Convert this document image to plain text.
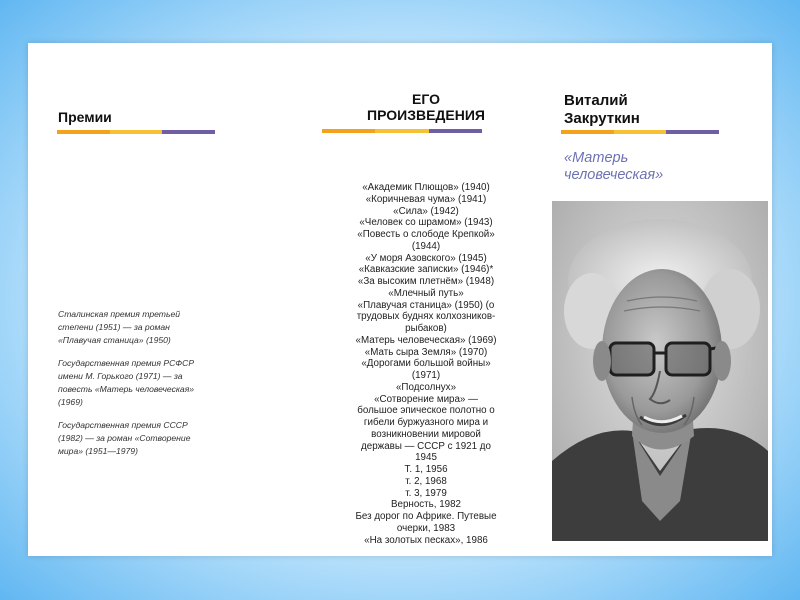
Премии

Сталинская премия третьей
степени (1951) — за роман
«Плавучая станица» (1950)

Государственная премия РСФСР
имени М. Горького (1971) — за
повесть «Матерь человеческая»
(1969)

Государственная премия СССР
(1982) — за роман «Сотворение
мира» (1951—1979)

ЕГО
ПРОИЗВЕДЕНИЯ
«Академик Плющов» (1940)
«Коричневая чума» (1941)
«Сила» (1942)
«Человек со шрамом» (1943)
«Повесть о слободе Крепкой»
(1944)
«У моря Азовского» (1945)
«Кавказские записки» (1946)*
«За высоким плетнём» (1948)
«Млечный путь»
«Плавучая станица» (1950) (о
трудовых буднях колхозников-
рыбаков)
«Матерь человеческая» (1969)
«Мать сыра Земля» (1970)
«Дорогами большой войны»
(1971)
«Подсолнух»
«Сотворение мира» —
большое эпическое полотно о
гибели буржуазного мира и
возникновении мировой
державы — СССР с 1921 до
1945
Т. 1, 1956
т. 2, 1968
т. 3, 1979
Верность, 1982
Без дорог по Африке. Путевые
очерки, 1983
«На золотых песках», 1986
Виталий
Закруткин
«Матерь
человеческая»
